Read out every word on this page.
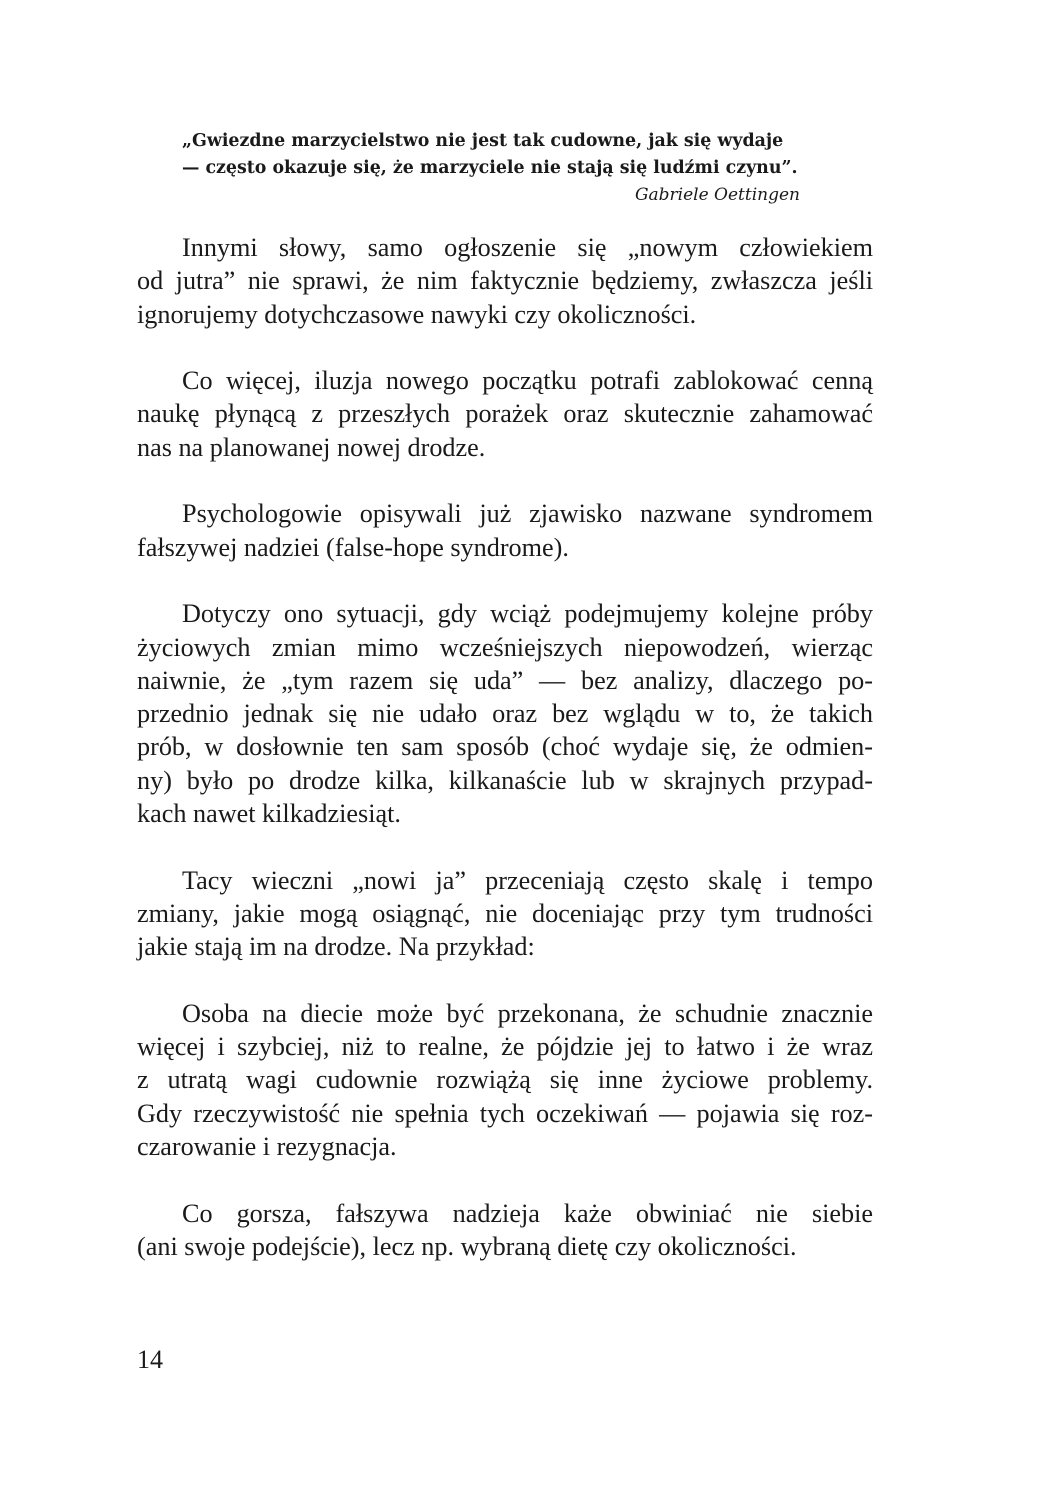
„Gwiezdne marzycielstwo nie jest tak cudowne, jak się wydaje
— często okazuje się, że marzyciele nie stają się ludźmi czynu”.
Gabriele Oettingen
Innymi słowy, samo ogłoszenie się „nowym człowiekiem
od jutra” nie sprawi, że nim faktycznie będziemy, zwłaszcza jeśli
ignorujemy dotychczasowe nawyki czy okoliczności.
Co więcej, iluzja nowego początku potrafi zablokować cenną
naukę płynącą z przeszłych porażek oraz skutecznie zahamować
nas na planowanej nowej drodze.
Psychologowie opisywali już zjawisko nazwane syndromem
fałszywej nadziei (false-hope syndrome).
Dotyczy ono sytuacji, gdy wciąż podejmujemy kolejne próby
życiowych zmian mimo wcześniejszych niepowodzeń, wierząc
naiwnie, że „tym razem się uda” — bez analizy, dlaczego po-
przednio jednak się nie udało oraz bez wglądu w to, że takich
prób, w dosłownie ten sam sposób (choć wydaje się, że odmien-
ny) było po drodze kilka, kilkanaście lub w skrajnych przypad-
kach nawet kilkadziesiąt.
Tacy wieczni „nowi ja” przeceniają często skalę i tempo
zmiany, jakie mogą osiągnąć, nie doceniając przy tym trudności
jakie stają im na drodze. Na przykład:
Osoba na diecie może być przekonana, że schudnie znacznie
więcej i szybciej, niż to realne, że pójdzie jej to łatwo i że wraz
z utratą wagi cudownie rozwiążą się inne życiowe problemy.
Gdy rzeczywistość nie spełnia tych oczekiwań — pojawia się roz-
czarowanie i rezygnacja.
Co gorsza, fałszywa nadzieja każe obwiniać nie siebie
(ani swoje podejście), lecz np. wybraną dietę czy okoliczności.
14
